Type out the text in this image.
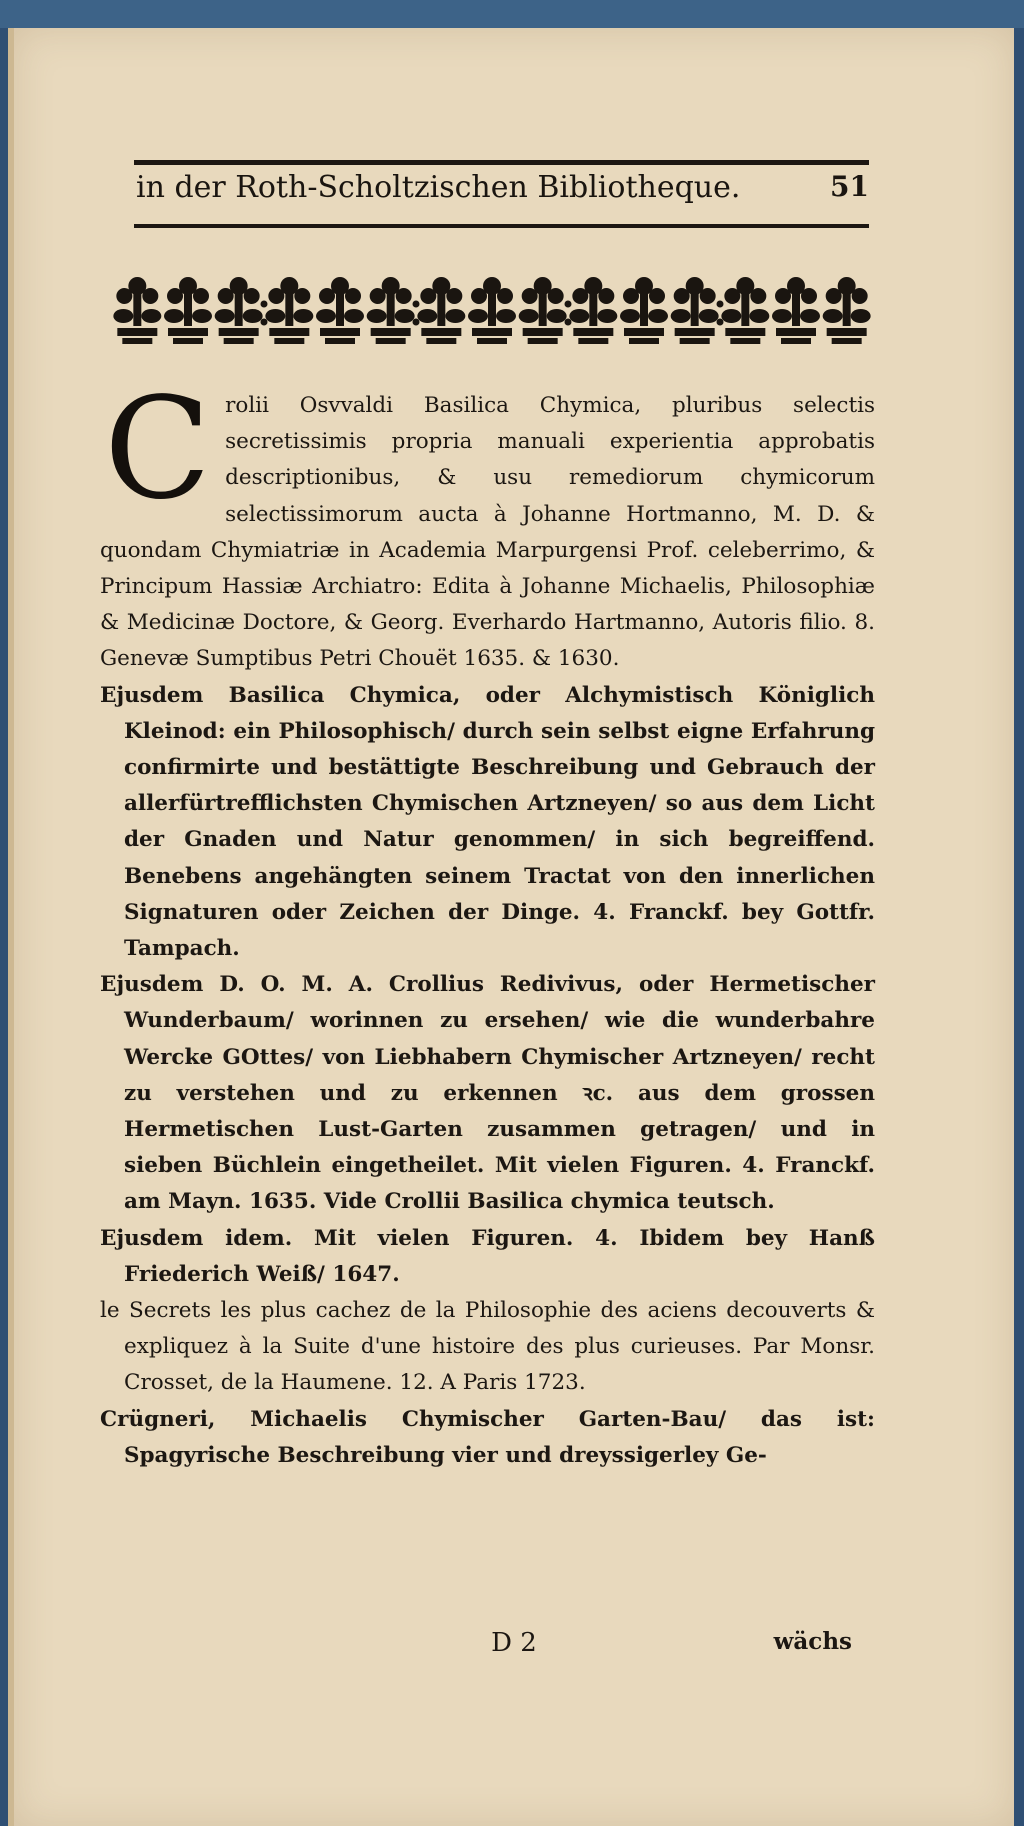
in der Roth-Scholtzischen Bibliotheque.	51

Crolii Osvvaldi Basilica Chymica, pluribus selectis secretissimis propria manuali experientia approbatis descriptionibus, & usu remediorum chymicorum selectissimorum aucta à Johanne Hortmanno, M. D. & quondam Chymiatriæ in Academia Marpurgensi Prof. celeberrimo, & Principum Hassiæ Archiatro: Edita à Johanne Michaelis, Philosophiæ & Medicinæ Doctore, & Georg. Everhardo Hartmanno, Autoris filio. 8. Genevæ Sumptibus Petri Chouët 1635. & 1630.

Ejusdem Basilica Chymica, oder Alchymistisch Königlich Kleinod: ein Philosophisch/ durch sein selbst eigne Erfahrung confirmirte und bestättigte Beschreibung und Gebrauch der allerfürtrefflichsten Chymischen Artzneyen/ so aus dem Licht der Gnaden und Natur genommen/ in sich begreiffend. Benebens angehängten seinem Tractat von den innerlichen Signaturen oder Zeichen der Dinge. 4. Franckf. bey Gottfr. Tampach.

Ejusdem D. O. M. A. Crollius Redivivus, oder Hermetischer Wunderbaum/ worinnen zu ersehen/ wie die wunderbahre Wercke GOttes/ von Liebhabern Chymischer Artzneyen/ recht zu verstehen und zu erkennen ꝛc. aus dem grossen Hermetischen Lust-Garten zusammen getragen/ und in sieben Büchlein eingetheilet. Mit vielen Figuren. 4. Franckf. am Mayn. 1635. Vide Crollii Basilica chymica teutsch.

Ejusdem idem. Mit vielen Figuren. 4. Ibidem bey Hanß Friederich Weiß/ 1647.

le Secrets les plus cachez de la Philosophie des aciens decouverts & expliquez à la Suite d'une histoire des plus curieuses. Par Monsr. Crosset, de la Haumene. 12. A Paris 1723.

Crügneri, Michaelis Chymischer Garten-Bau/ das ist: Spagyrische Beschreibung vier und dreyssigerley Ge-

D 2	wächs
